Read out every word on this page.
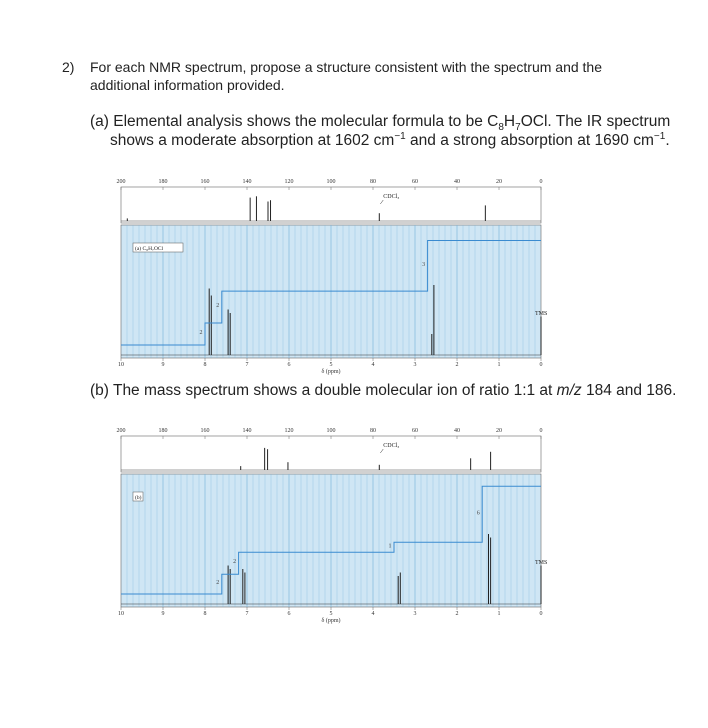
2) For each NMR spectrum, propose a structure consistent with the spectrum and the additional information provided.
(a) Elemental analysis shows the molecular formula to be $C_8H_7OCl$. The IR spectrum shows a moderate absorption at 1602 $cm^{-1}$ and a strong absorption at 1690 $cm^{-1}$.
200	180	160	140	120	100	80	60	40	20	0
CDCl₃
(a) C₈H₇OCl
TMS
2
2
3
10	9	8	7	6	5	4	3	2	1	0
δ (ppm)
(b) The mass spectrum shows a double molecular ion of ratio 1:1 at m/z 184 and 186.
200	180	160	140	120	100	80	60	40	20	0
CDCl₃
(b)
TMS
2
2
1
6
10	9	8	7	6	5	4	3	2	1	0
δ (ppm)
